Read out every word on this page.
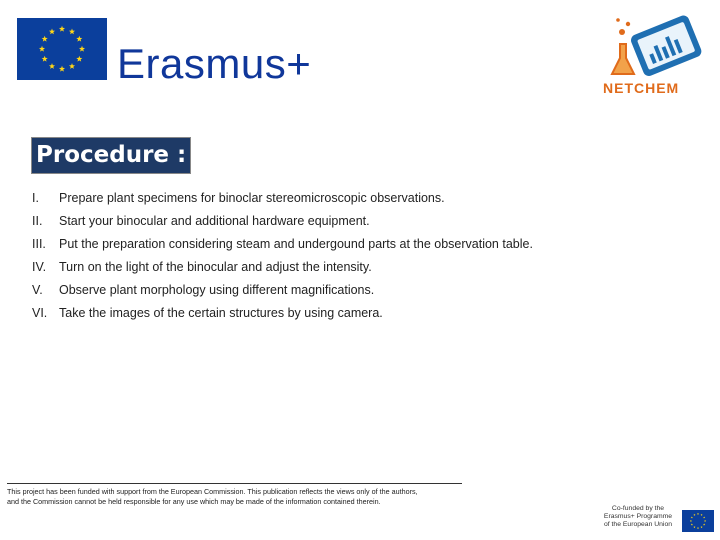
Erasmus+
NETCHEM
Procedure :
I.	Prepare plant specimens for binoclar stereomicroscopic observations.
II.	Start your binocular and additional hardware equipment.
III.	Put the preparation considering steam and undergound parts at the observation table.
IV.	Turn on the light of the binocular and adjust the intensity.
V.	Observe plant morphology using different magnifications.
VI. Take the images of the certain structures by using camera.
This project has been funded with support from the European Commission. This publication reflects the views only of the authors,
and the Commission cannot be held responsible for any use which may be made of the information contained therein.
Co-funded by the
Erasmus+ Programme
of the European Union
